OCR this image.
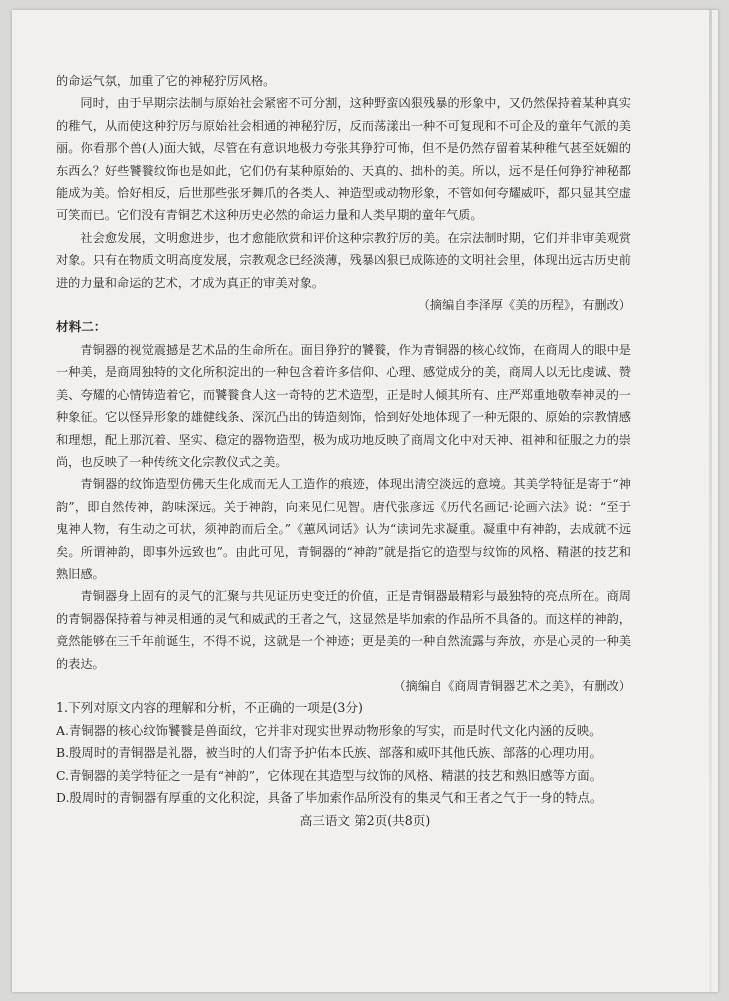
的命运气氛，加重了它的神秘狞厉风格。

同时，由于早期宗法制与原始社会紧密不可分割，这种野蛮凶狠残暴的形象中，又仍然保持着某种真实的稚气，从而使这种狞厉与原始社会相通的神秘狞厉，反而荡漾出一种不可复现和不可企及的童年气派的美丽。你看那个兽(人)面大钺，尽管在有意识地极力夸张其狰狞可怖，但不是仍然存留着某种稚气甚至妩媚的东西么？好些饕餮纹饰也是如此，它们仍有某种原始的、天真的、拙朴的美。所以，远不是任何狰狞神秘都能成为美。恰好相反，后世那些张牙舞爪的各类人、神造型或动物形象，不管如何夸耀威吓，都只显其空虚可笑而已。它们没有青铜艺术这种历史必然的命运力量和人类早期的童年气质。

社会愈发展，文明愈进步，也才愈能欣赏和评价这种宗教狞厉的美。在宗法制时期，它们并非审美观赏对象。只有在物质文明高度发展，宗教观念已经淡薄，残暴凶狠已成陈迹的文明社会里，体现出远古历史前进的力量和命运的艺术，才成为真正的审美对象。

（摘编自李泽厚《美的历程》，有删改）

材料二：

青铜器的视觉震撼是艺术品的生命所在。面目狰狞的饕餮，作为青铜器的核心纹饰，在商周人的眼中是一种美，是商周独特的文化所积淀出的一种包含着许多信仰、心理、感觉成分的美，商周人以无比虔诚、赞美、夸耀的心情铸造着它，而饕餮食人这一奇特的艺术造型，正是时人倾其所有、庄严郑重地敬奉神灵的一种象征。它以怪异形象的雄健线条、深沉凸出的铸造刻饰，恰到好处地体现了一种无限的、原始的宗教情感和理想，配上那沉着、坚实、稳定的器物造型，极为成功地反映了商周文化中对天神、祖神和征服之力的崇尚，也反映了一种传统文化宗教仪式之美。

青铜器的纹饰造型仿佛天生化成而无人工造作的痕迹，体现出清空淡远的意境。其美学特征是寄于“神韵”，即自然传神，韵味深远。关于神韵，向来见仁见智。唐代张彦远《历代名画记·论画六法》说：“至于鬼神人物，有生动之可状，须神韵而后全。”《蕙风词话》认为“读词先求凝重。凝重中有神韵，去成就不远矣。所谓神韵，即事外远致也”。由此可见，青铜器的“神韵”就是指它的造型与纹饰的风格、精湛的技艺和熟旧感。

青铜器身上固有的灵气的汇聚与共见证历史变迁的价值，正是青铜器最精彩与最独特的亮点所在。商周的青铜器保持着与神灵相通的灵气和威武的王者之气，这显然是毕加索的作品所不具备的。而这样的神韵，竟然能够在三千年前诞生，不得不说，这就是一个神迹；更是美的一种自然流露与奔放，亦是心灵的一种美的表达。

（摘编自《商周青铜器艺术之美》，有删改）

1.下列对原文内容的理解和分析，不正确的一项是(3分)

A.青铜器的核心纹饰饕餮是兽面纹，它并非对现实世界动物形象的写实，而是时代文化内涵的反映。

B.殷周时的青铜器是礼器，被当时的人们寄予护佑本氏族、部落和威吓其他氏族、部落的心理功用。

C.青铜器的美学特征之一是有“神韵”，它体现在其造型与纹饰的风格、精湛的技艺和熟旧感等方面。

D.殷周时的青铜器有厚重的文化积淀，具备了毕加索作品所没有的集灵气和王者之气于一身的特点。

高三语文 第2页(共8页)
